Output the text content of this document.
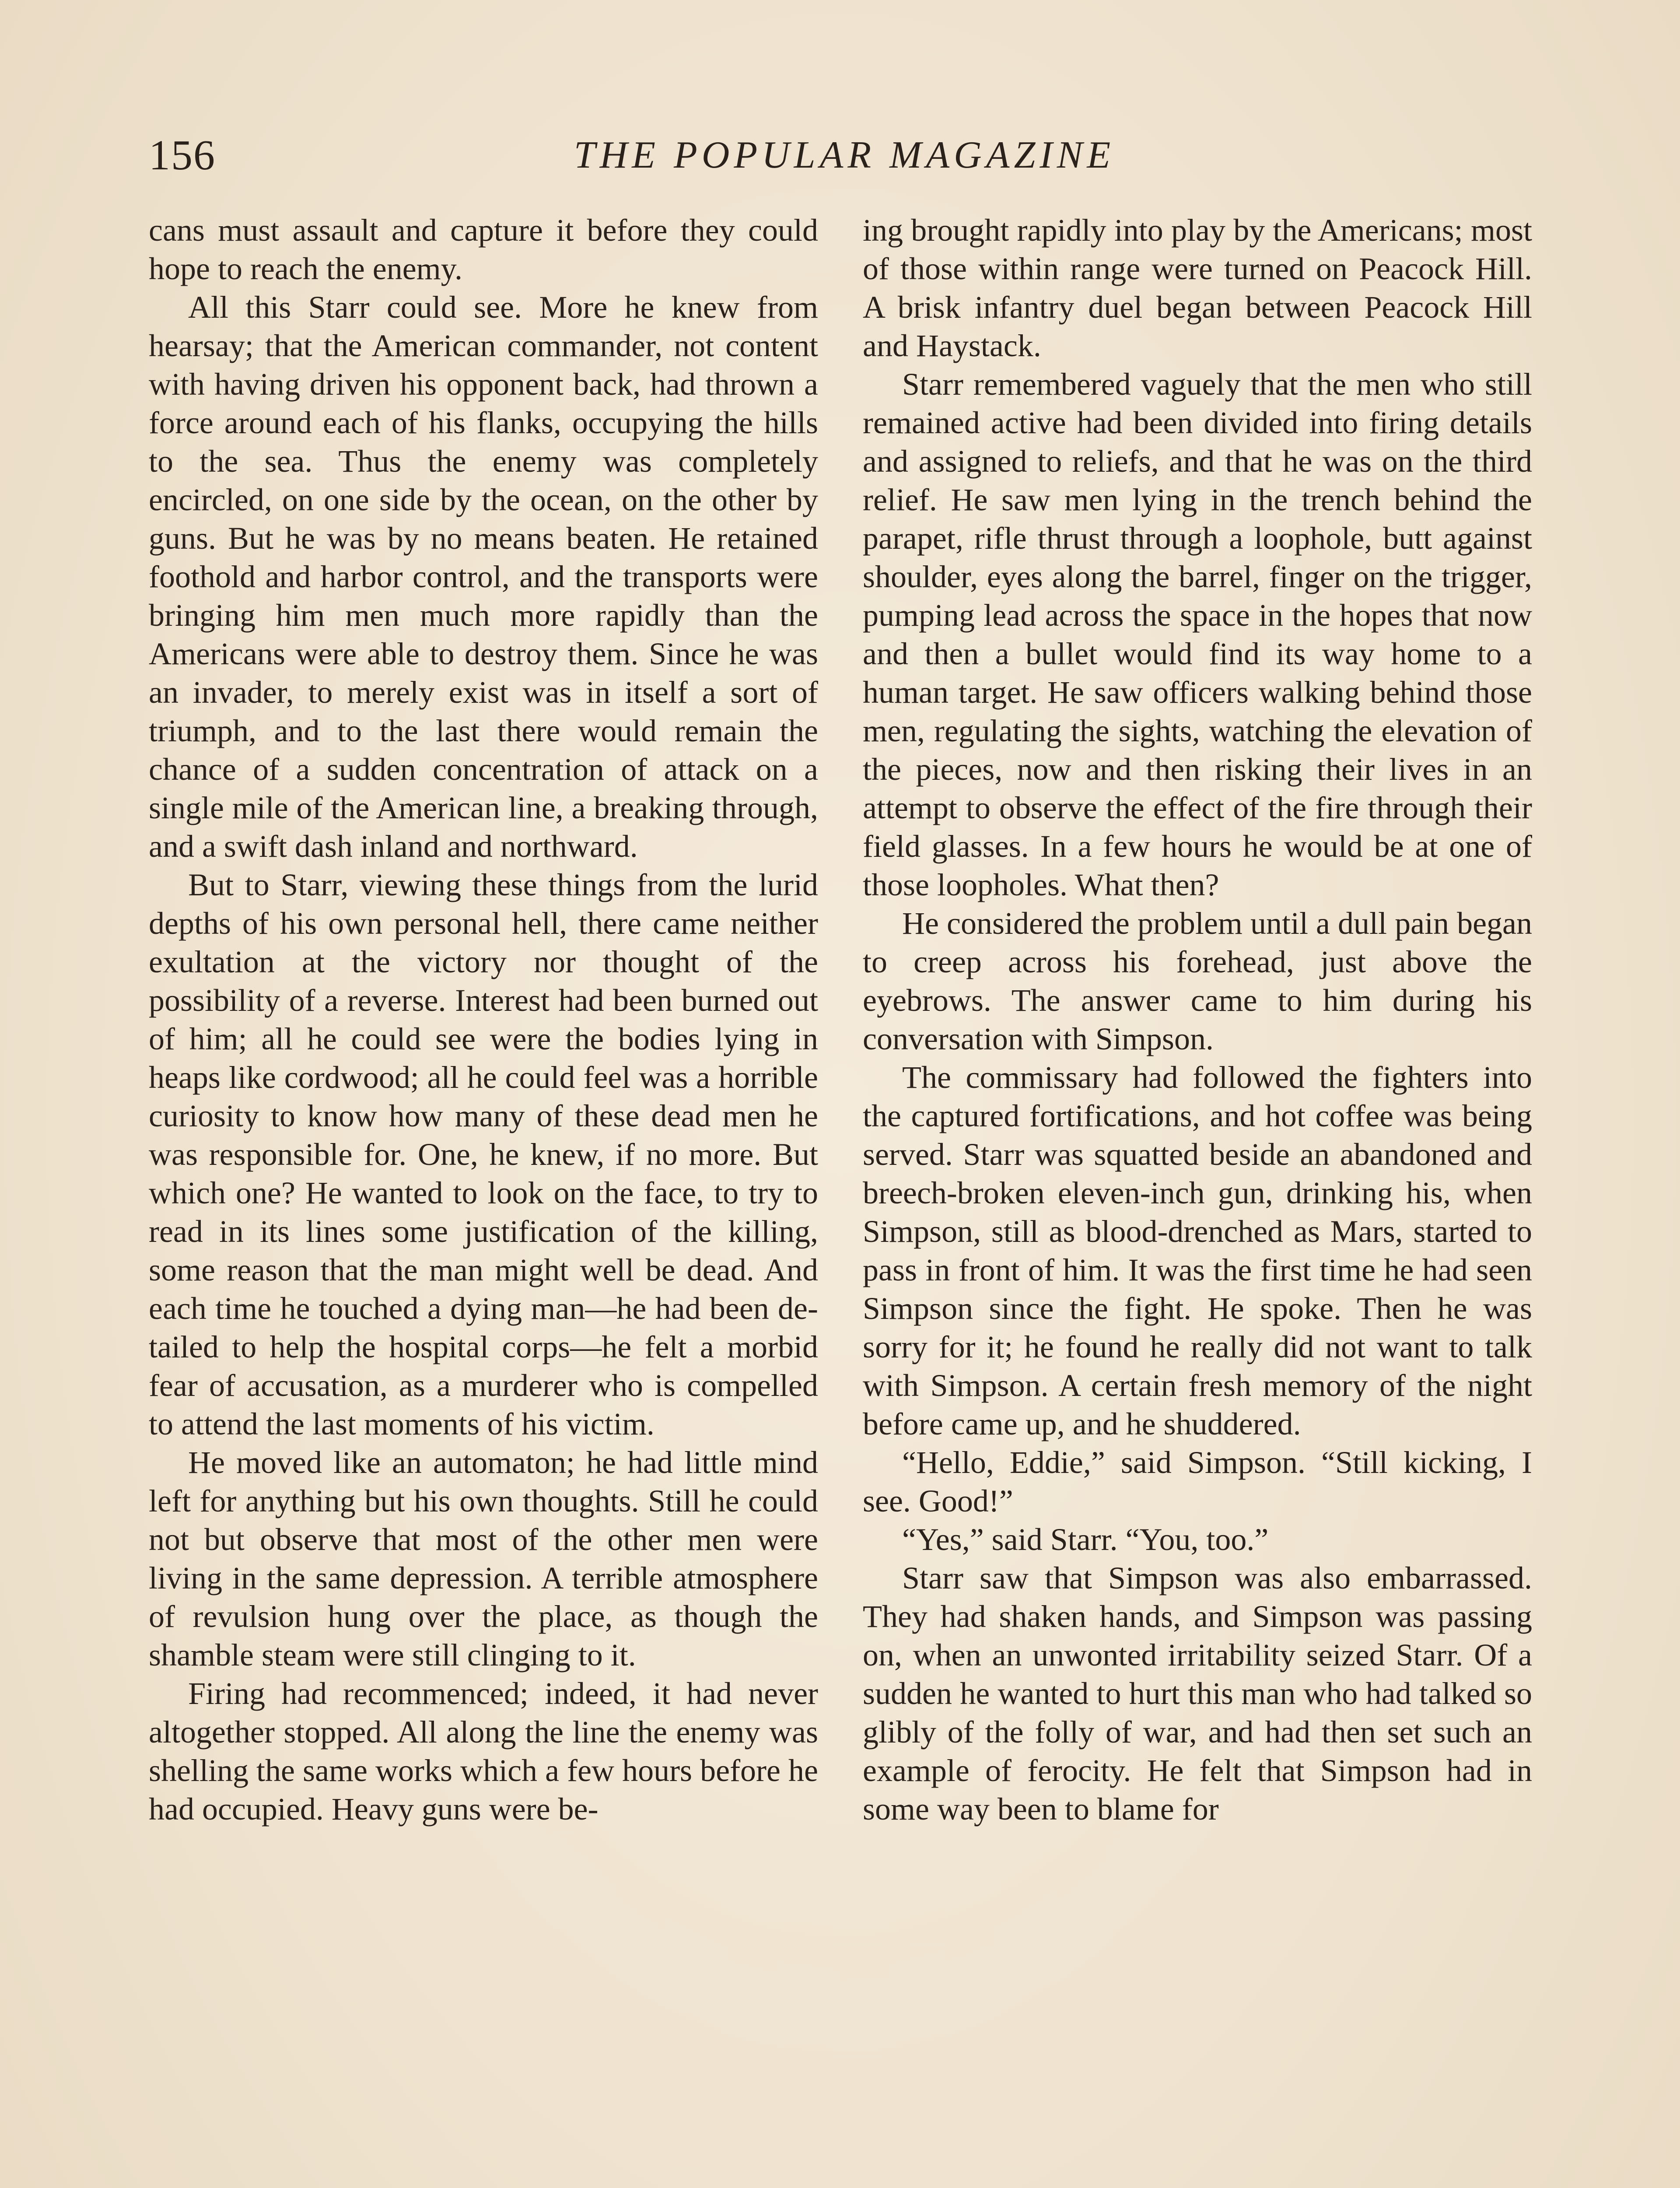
156	THE POPULAR MAGAZINE

cans must assault and capture it before they could hope to reach the enemy.

All this Starr could see. More he knew from hearsay; that the American commander, not content with having driven his opponent back, had thrown a force around each of his flanks, occupying the hills to the sea. Thus the enemy was completely encircled, on one side by the ocean, on the other by guns. But he was by no means beaten. He retained foothold and harbor control, and the transports were bringing him men much more rapidly than the Americans were able to destroy them. Since he was an invader, to merely exist was in itself a sort of triumph, and to the last there would remain the chance of a sudden concentration of attack on a single mile of the American line, a breaking through, and a swift dash inland and northward.

But to Starr, viewing these things from the lurid depths of his own personal hell, there came neither exultation at the victory nor thought of the possibility of a reverse. Interest had been burned out of him; all he could see were the bodies lying in heaps like cordwood; all he could feel was a horrible curiosity to know how many of these dead men he was responsible for. One, he knew, if no more. But which one? He wanted to look on the face, to try to read in its lines some justification of the killing, some reason that the man might well be dead. And each time he touched a dying man—he had been detailed to help the hospital corps—he felt a morbid fear of accusation, as a murderer who is compelled to attend the last moments of his victim.

He moved like an automaton; he had little mind left for anything but his own thoughts. Still he could not but observe that most of the other men were living in the same depression. A terrible atmosphere of revulsion hung over the place, as though the shamble steam were still clinging to it.

Firing had recommenced; indeed, it had never altogether stopped. All along the line the enemy was shelling the same works which a few hours before he had occupied. Heavy guns were be-

ing brought rapidly into play by the Americans; most of those within range were turned on Peacock Hill. A brisk infantry duel began between Peacock Hill and Haystack.

Starr remembered vaguely that the men who still remained active had been divided into firing details and assigned to reliefs, and that he was on the third relief. He saw men lying in the trench behind the parapet, rifle thrust through a loophole, butt against shoulder, eyes along the barrel, finger on the trigger, pumping lead across the space in the hopes that now and then a bullet would find its way home to a human target. He saw officers walking behind those men, regulating the sights, watching the elevation of the pieces, now and then risking their lives in an attempt to observe the effect of the fire through their field glasses. In a few hours he would be at one of those loopholes. What then?

He considered the problem until a dull pain began to creep across his forehead, just above the eyebrows. The answer came to him during his conversation with Simpson.

The commissary had followed the fighters into the captured fortifications, and hot coffee was being served. Starr was squatted beside an abandoned and breech-broken eleven-inch gun, drinking his, when Simpson, still as blood-drenched as Mars, started to pass in front of him. It was the first time he had seen Simpson since the fight. He spoke. Then he was sorry for it; he found he really did not want to talk with Simpson. A certain fresh memory of the night before came up, and he shuddered.

“Hello, Eddie,” said Simpson. “Still kicking, I see. Good!”

“Yes,” said Starr. “You, too.”

Starr saw that Simpson was also embarrassed. They had shaken hands, and Simpson was passing on, when an unwonted irritability seized Starr. Of a sudden he wanted to hurt this man who had talked so glibly of the folly of war, and had then set such an example of ferocity. He felt that Simpson had in some way been to blame for
